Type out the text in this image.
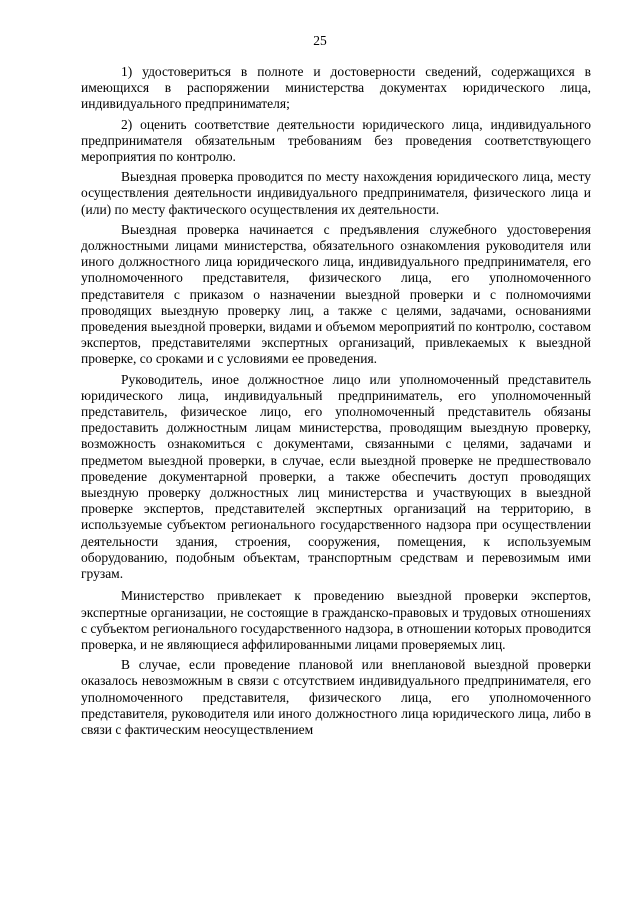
25

1) удостовериться в полноте и достоверности сведений, содержащихся в имеющихся в распоряжении министерства документах юридического лица, индивидуального предпринимателя;

2) оценить соответствие деятельности юридического лица, индивидуального предпринимателя обязательным требованиям без проведения соответствующего мероприятия по контролю.

Выездная проверка проводится по месту нахождения юридического лица, месту осуществления деятельности индивидуального предпринимателя, физического лица и (или) по месту фактического осуществления их деятельности.

Выездная проверка начинается с предъявления служебного удостоверения должностными лицами министерства, обязательного ознакомления руководителя или иного должностного лица юридического лица, индивидуального предпринимателя, его уполномоченного представителя, физического лица, его уполномоченного представителя с приказом о назначении выездной проверки и с полномочиями проводящих выездную проверку лиц, а также с целями, задачами, основаниями проведения выездной проверки, видами и объемом мероприятий по контролю, составом экспертов, представителями экспертных организаций, привлекаемых к выездной проверке, со сроками и с условиями ее проведения.

Руководитель, иное должностное лицо или уполномоченный представитель юридического лица, индивидуальный предприниматель, его уполномоченный представитель, физическое лицо, его уполномоченный представитель обязаны предоставить должностным лицам министерства, проводящим выездную проверку, возможность ознакомиться с документами, связанными с целями, задачами и предметом выездной проверки, в случае, если выездной проверке не предшествовало проведение документарной проверки, а также обеспечить доступ проводящих выездную проверку должностных лиц министерства и участвующих в выездной проверке экспертов, представителей экспертных организаций на территорию, в используемые субъектом регионального государственного надзора при осуществлении деятельности здания, строения, сооружения, помещения, к используемым оборудованию, подобным объектам, транспортным средствам и перевозимым ими грузам.

Министерство привлекает к проведению выездной проверки экспертов, экспертные организации, не состоящие в гражданско-правовых и трудовых отношениях с субъектом регионального государственного надзора, в отношении которых проводится проверка, и не являющиеся аффилированными лицами проверяемых лиц.

В случае, если проведение плановой или внеплановой выездной проверки оказалось невозможным в связи с отсутствием индивидуального предпринимателя, его уполномоченного представителя, физического лица, его уполномоченного представителя, руководителя или иного должностного лица юридического лица, либо в связи с фактическим неосуществлением
